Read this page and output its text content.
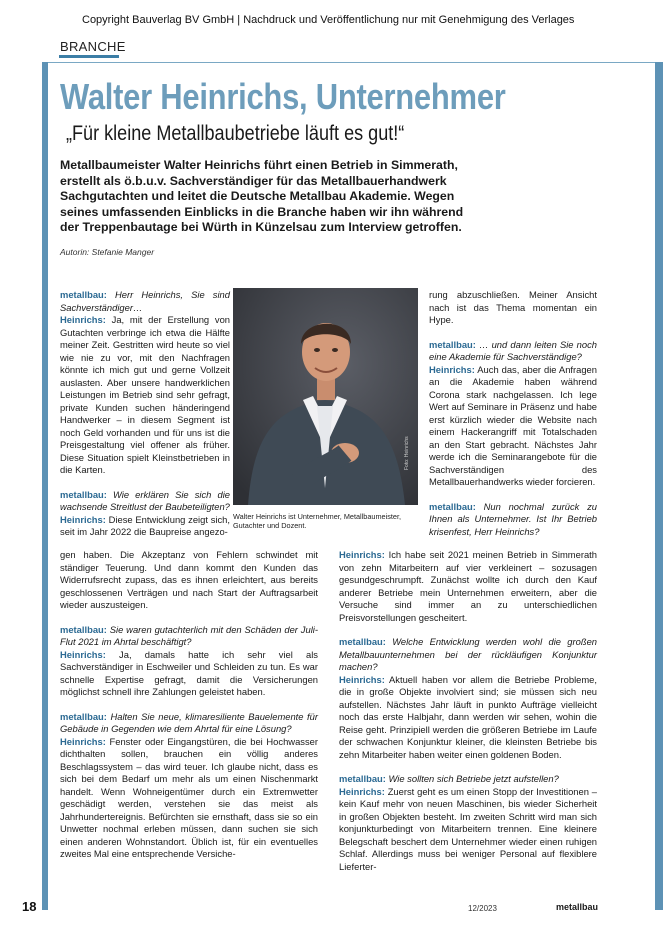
Copyright Bauverlag BV GmbH | Nachdruck und Veröffentlichung nur mit Genehmigung des Verlages
BRANCHE
Walter Heinrichs, Unternehmer
„Für kleine Metallbaubetriebe läuft es gut!“
Metallbaumeister Walter Heinrichs führt einen Betrieb in Simmerath, erstellt als ö.b.u.v. Sachverständiger für das Metallbauerhandwerk Sachgutachten und leitet die Deutsche Metallbau Akademie. Wegen seines umfassenden Einblicks in die Branche haben wir ihn während der Treppenbautage bei Würth in Künzelsau zum Interview getroffen.
Autorin: Stefanie Manger

metallbau: Herr Heinrichs, Sie sind Sachverständiger…

Heinrichs: Ja, mit der Erstellung von Gutachten verbringe ich etwa die Hälfte meiner Zeit. Gestritten wird heute so viel wie nie zu vor, mit den Nachfragen könnte ich mich gut und gerne Vollzeit auslasten. Aber unsere handwerklichen Leistungen im Betrieb sind sehr gefragt, private Kunden suchen händeringend Handwerker – in diesem Segment ist noch Geld vorhanden und für uns ist die Preisgestaltung viel offener als früher. Diese Situation spielt Kleinstbetrieben in die Karten.

metallbau: Wie erklären Sie sich die wachsende Streitlust der Baubeteiligten?

Heinrichs: Diese Entwicklung zeigt sich, seit im Jahr 2022 die Baupreise angezo-

gen haben. Die Akzeptanz von Fehlern schwindet mit ständiger Teuerung. Und dann kommt den Kunden das Widerrufsrecht zupass, das es ihnen erleichtert, aus bereits geschlossenen Verträgen und nach Start der Auftragsarbeit wieder auszusteigen.

metallbau: Sie waren gutachterlich mit den Schäden der Juli-Flut 2021 im Ahrtal beschäftigt?

Heinrichs: Ja, damals hatte ich sehr viel als Sachverständiger in Eschweiler und Schleiden zu tun. Es war schnelle Expertise gefragt, damit die Versicherungen möglichst schnell ihre Zahlungen geleistet haben.

metallbau: Halten Sie neue, klimaresiliente Bauelemente für Gebäude in Gegenden wie dem Ahrtal für eine Lösung?

Heinrichs: Fenster oder Eingangstüren, die bei Hochwasser dichthalten sollen, brauchen ein völlig anderes Beschlagssystem – das wird teuer. Ich glaube nicht, dass es sich bei dem Bedarf um mehr als um einen Nischenmarkt handelt. Wenn Wohneigentümer durch ein Extremwetter geschädigt werden, verstehen sie das meist als Jahrhundertereignis. Befürchten sie ernsthaft, dass sie so ein Unwetter nochmal erleben müssen, dann suchen sie sich einen anderen Wohnstandort. Üblich ist, für ein eventuelles zweites Mal eine entsprechende Versiche-

rung abzuschließen. Meiner Ansicht nach ist das Thema momentan ein Hype.

metallbau: … und dann leiten Sie noch eine Akademie für Sachverständige?

Heinrichs: Auch das, aber die Anfragen an die Akademie haben während Corona stark nachgelassen. Ich lege Wert auf Seminare in Präsenz und habe erst kürzlich wieder die Website nach einem Hackerangriff mit Totalschaden an den Start gebracht. Nächstes Jahr werde ich die Seminarangebote für die Sachverständigen des Metallbauerhandwerks wieder forcieren.

metallbau: Nun nochmal zurück zu Ihnen als Unternehmer. Ist Ihr Betrieb krisenfest, Herr Heinrichs?

Heinrichs: Ich habe seit 2021 meinen Betrieb in Simmerath von zehn Mitarbeitern auf vier verkleinert – sozusagen gesundgeschrumpft. Zunächst wollte ich durch den Kauf anderer Betriebe mein Unternehmen erweitern, aber die Versuche sind immer an zu unterschiedlichen Preisvorstellungen gescheitert.

metallbau: Welche Entwicklung werden wohl die großen Metallbauunternehmen bei der rückläufigen Konjunktur machen?

Heinrichs: Aktuell haben vor allem die Betriebe Probleme, die in große Objekte involviert sind; sie müssen sich neu aufstellen. Nächstes Jahr läuft in punkto Aufträge vielleicht noch das erste Halbjahr, dann werden wir sehen, wohin die Reise geht. Prinzipiell werden die größeren Betriebe im Laufe der schwachen Konjunktur kleiner, die kleinsten Betriebe bis zehn Mitarbeiter haben weiter einen goldenen Boden.

metallbau: Wie sollten sich Betriebe jetzt aufstellen?

Heinrichs: Zuerst geht es um einen Stopp der Investitionen – kein Kauf mehr von neuen Maschinen, bis wieder Sicherheit in großen Objekten besteht. Im zweiten Schritt wird man sich konjunkturbedingt von Mitarbeitern trennen. Eine kleinere Belegschaft beschert dem Unternehmer wieder einen ruhigen Schlaf. Allerdings muss bei weniger Personal auf flexiblere Lieferter-

Foto: Heinrichs
Walter Heinrichs ist Unternehmer, Metallbaumeister, Gutachter und Dozent.
18	12/2023	metallbau
